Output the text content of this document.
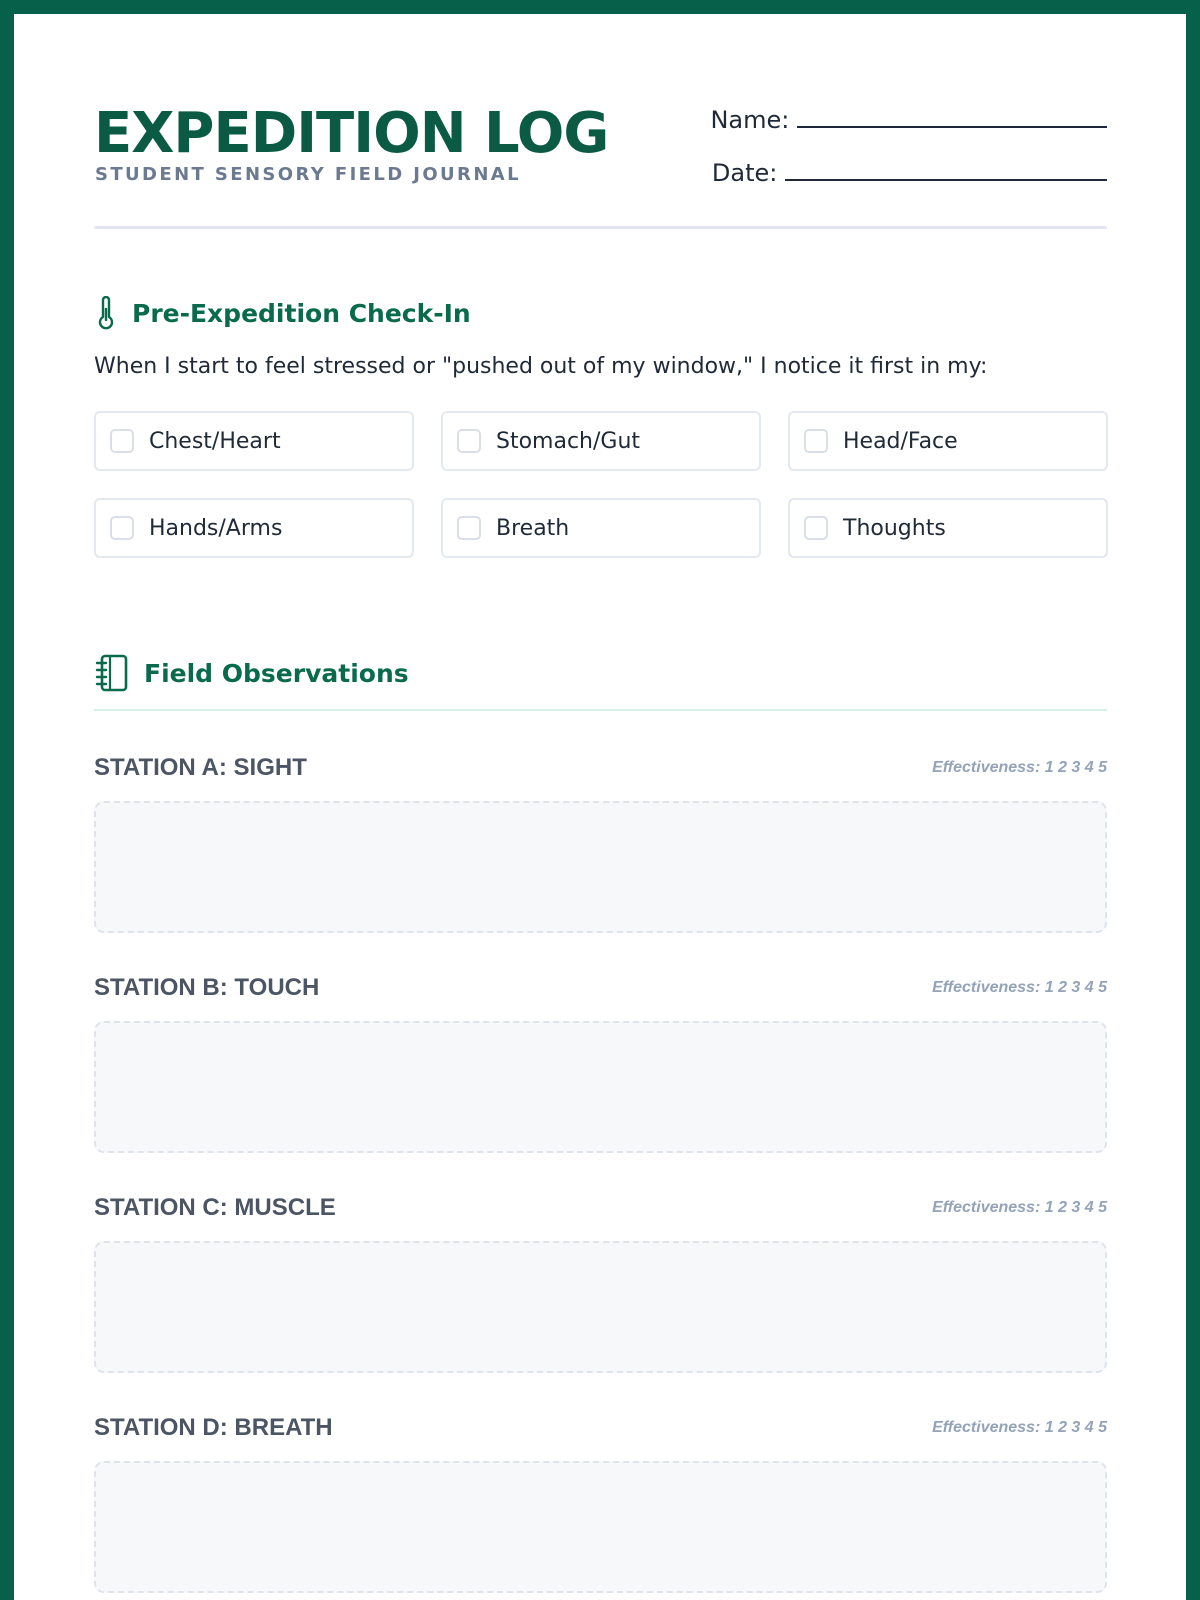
EXPEDITION LOG
STUDENT SENSORY FIELD JOURNAL
Name:
Date:
Pre-Expedition Check-In
When I start to feel stressed or "pushed out of my window," I notice it first in my:
Chest/Heart	Stomach/Gut	Head/Face
Hands/Arms	Breath	Thoughts
Field Observations
STATION A: SIGHT	Effectiveness: 1 2 3 4 5
STATION B: TOUCH	Effectiveness: 1 2 3 4 5
STATION C: MUSCLE	Effectiveness: 1 2 3 4 5
STATION D: BREATH	Effectiveness: 1 2 3 4 5
